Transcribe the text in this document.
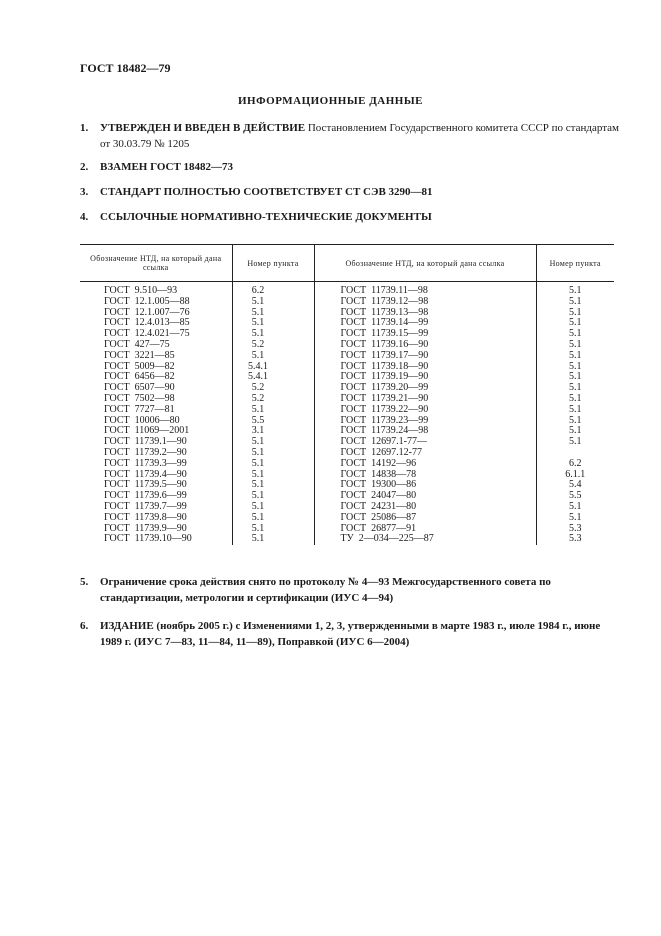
ГОСТ 18482—79
ИНФОРМАЦИОННЫЕ ДАННЫЕ
1.	УТВЕРЖДЕН И ВВЕДЕН В ДЕЙСТВИЕ Постановлением Государственного комитета СССР по стандартам от 30.03.79 № 1205
2.	ВЗАМЕН ГОСТ 18482—73
3.	СТАНДАРТ ПОЛНОСТЬЮ СООТВЕТСТВУЕТ СТ СЭВ 3290—81
4.	ССЫЛОЧНЫЕ НОРМАТИВНО-ТЕХНИЧЕСКИЕ ДОКУМЕНТЫ
Обозначение НТД, на который дана ссылка	Номер пункта	Обозначение НТД, на который дана ссылка	Номер пункта
ГОСТ  9.510—93	6.2	ГОСТ  11739.11—98	5.1
ГОСТ  12.1.005—88	5.1	ГОСТ  11739.12—98	5.1
ГОСТ  12.1.007—76	5.1	ГОСТ  11739.13—98	5.1
ГОСТ  12.4.013—85	5.1	ГОСТ  11739.14—99	5.1
ГОСТ  12.4.021—75	5.1	ГОСТ  11739.15—99	5.1
ГОСТ  427—75	5.2	ГОСТ  11739.16—90	5.1
ГОСТ  3221—85	5.1	ГОСТ  11739.17—90	5.1
ГОСТ  5009—82	5.4.1	ГОСТ  11739.18—90	5.1
ГОСТ  6456—82	5.4.1	ГОСТ  11739.19—90	5.1
ГОСТ  6507—90	5.2	ГОСТ  11739.20—99	5.1
ГОСТ  7502—98	5.2	ГОСТ  11739.21—90	5.1
ГОСТ  7727—81	5.1	ГОСТ  11739.22—90	5.1
ГОСТ  10006—80	5.5	ГОСТ  11739.23—99	5.1
ГОСТ  11069—2001	3.1	ГОСТ  11739.24—98	5.1
ГОСТ  11739.1—90	5.1	ГОСТ  12697.1-77—	5.1
ГОСТ  11739.2—90	5.1	ГОСТ  12697.12-77	
ГОСТ  11739.3—99	5.1	ГОСТ  14192—96	6.2
ГОСТ  11739.4—90	5.1	ГОСТ  14838—78	6.1.1
ГОСТ  11739.5—90	5.1	ГОСТ  19300—86	5.4
ГОСТ  11739.6—99	5.1	ГОСТ  24047—80	5.5
ГОСТ  11739.7—99	5.1	ГОСТ  24231—80	5.1
ГОСТ  11739.8—90	5.1	ГОСТ  25086—87	5.1
ГОСТ  11739.9—90	5.1	ГОСТ  26877—91	5.3
ГОСТ  11739.10—90	5.1	ТУ  2—034—225—87	5.3
5.	Ограничение срока действия снято по протоколу № 4—93 Межгосударственного совета по стандартизации, метрологии и сертификации (ИУС 4—94)
6.	ИЗДАНИЕ (ноябрь 2005 г.) с Изменениями 1, 2, 3, утвержденными в марте 1983 г., июле 1984 г., июне 1989 г. (ИУС 7—83, 11—84, 11—89), Поправкой (ИУС 6—2004)
